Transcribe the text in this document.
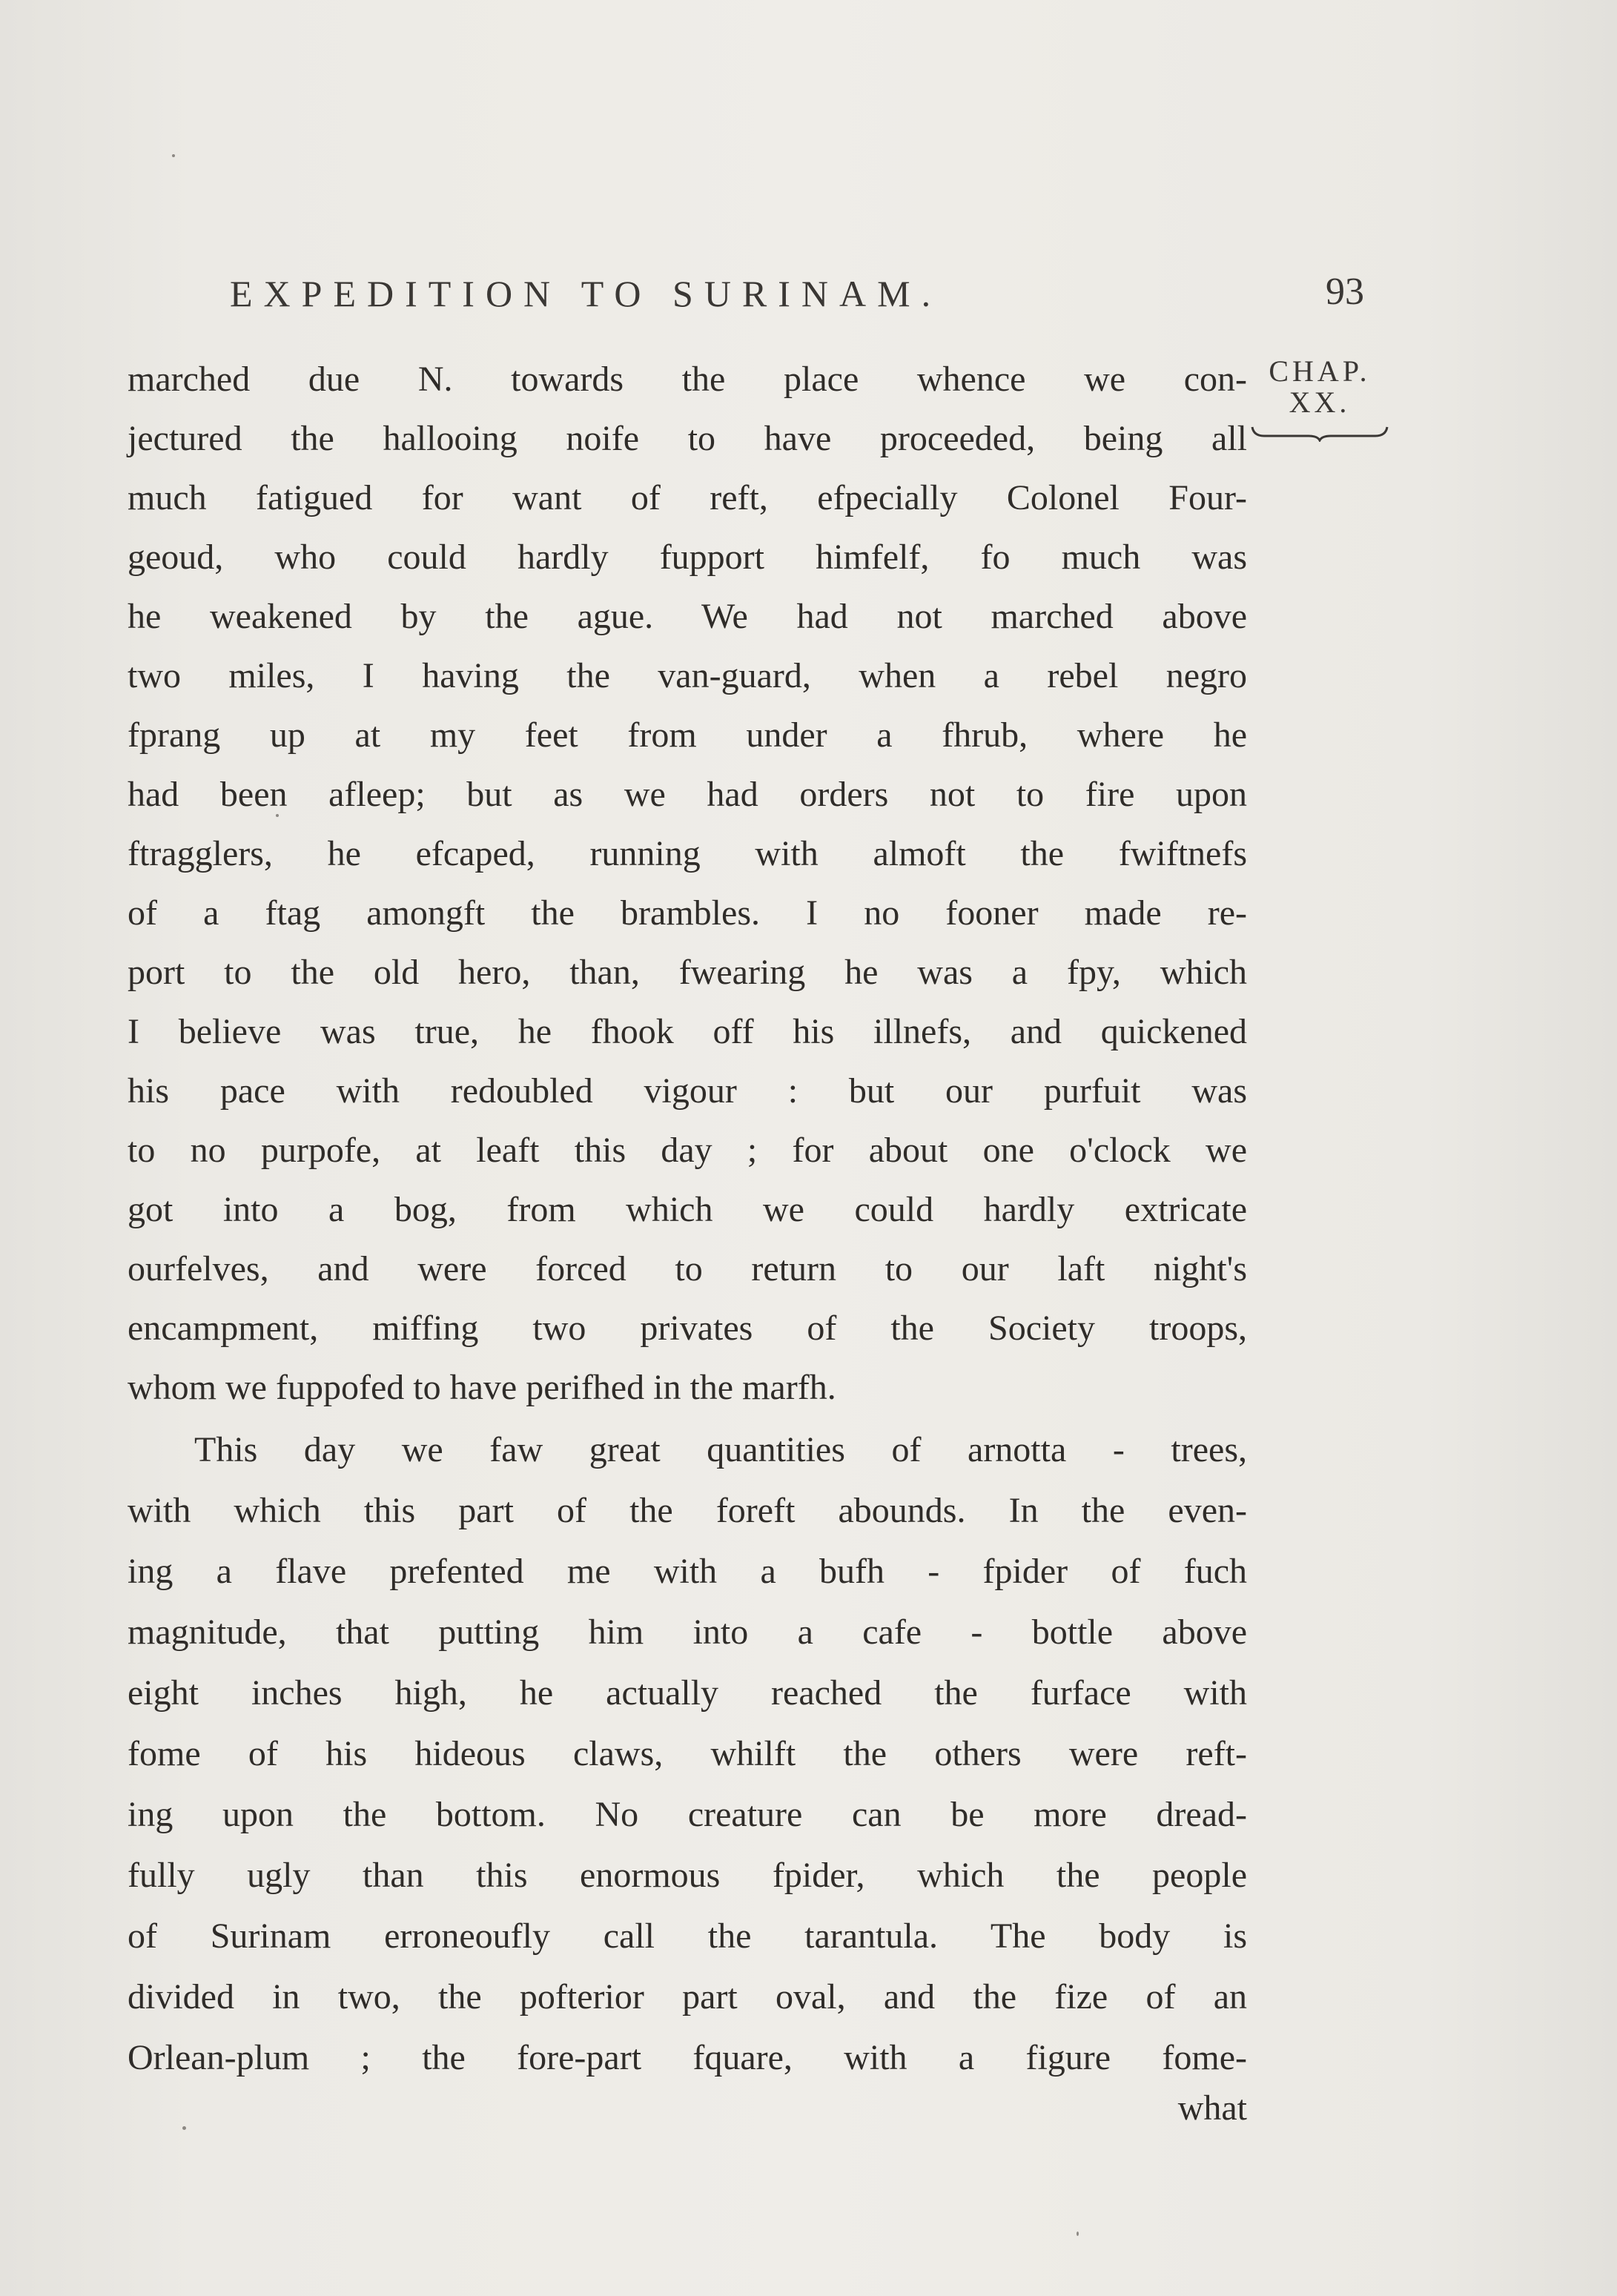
EXPEDITION TO SURINAM.	93
CHAP.
XX.
marched due N. towards the place whence we con-
jectured the hallooing noife to have proceeded, being all
much fatigued for want of reft, efpecially Colonel Four-
geoud, who could hardly fupport himfelf, fo much was
he weakened by the ague. We had not marched above
two miles, I having the van-guard, when a rebel negro
fprang up at my feet from under a fhrub, where he
had been afleep; but as we had orders not to fire upon
ftragglers, he efcaped, running with almoft the fwiftnefs
of a ftag amongft the brambles. I no fooner made re-
port to the old hero, than, fwearing he was a fpy, which
I believe was true, he fhook off his illnefs, and quickened
his pace with redoubled vigour : but our purfuit was
to no purpofe, at leaft this day ; for about one o'clock we
got into a bog, from which we could hardly extricate
ourfelves, and were forced to return to our laft night's
encampment, miffing two privates of the Society troops,
whom we fuppofed to have perifhed in the marfh.
This day we faw great quantities of arnotta - trees,
with which this part of the foreft abounds. In the even-
ing a flave prefented me with a bufh - fpider of fuch
magnitude, that putting him into a cafe - bottle above
eight inches high, he actually reached the furface with
fome of his hideous claws, whilft the others were reft-
ing upon the bottom. No creature can be more dread-
fully ugly than this enormous fpider, which the people
of Surinam erroneoufly call the tarantula. The body is
divided in two, the pofterior part oval, and the fize of an
Orlean-plum ; the fore-part fquare, with a figure fome-
what
